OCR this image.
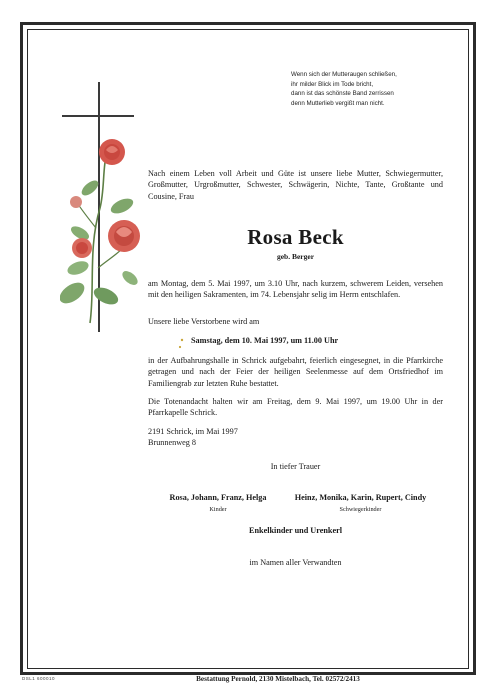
Wenn sich der Mutteraugen schließen,
ihr milder Blick im Tode bricht,
dann ist das schönste Band zerrissen
denn Mutterlieb vergißt man nicht.
Nach einem Leben voll Arbeit und Güte ist unsere liebe Mutter, Schwiegermutter, Großmutter, Urgroßmutter, Schwester, Schwägerin, Nichte, Tante, Großtante und Cousine, Frau
Rosa Beck
geb. Berger
am Montag, dem 5. Mai 1997, um 3.10 Uhr, nach kurzem, schwerem Leiden, versehen mit den heiligen Sakramenten, im 74. Lebensjahr selig im Herrn entschlafen.
Unsere liebe Verstorbene wird am
Samstag, dem 10. Mai 1997, um 11.00 Uhr
in der Aufbahrungshalle in Schrick aufgebahrt, feierlich eingesegnet, in die Pfarrkirche getragen und nach der Feier der heiligen Seelenmesse auf dem Ortsfriedhof im Familiengrab zur letzten Ruhe bestattet.
Die Totenandacht halten wir am Freitag, dem 9. Mai 1997, um 19.00 Uhr in der Pfarrkapelle Schrick.
2191 Schrick, im Mai 1997
Brunnenweg 8
In tiefer Trauer
Rosa, Johann, Franz, Helga
Kinder
Heinz, Monika, Karin, Rupert, Cindy
Schwiegerkinder
Enkelkinder und Urenkerl
im Namen aller Verwandten
DSL1 600010	Bestattung Pernold, 2130 Mistelbach, Tel. 02572/2413
